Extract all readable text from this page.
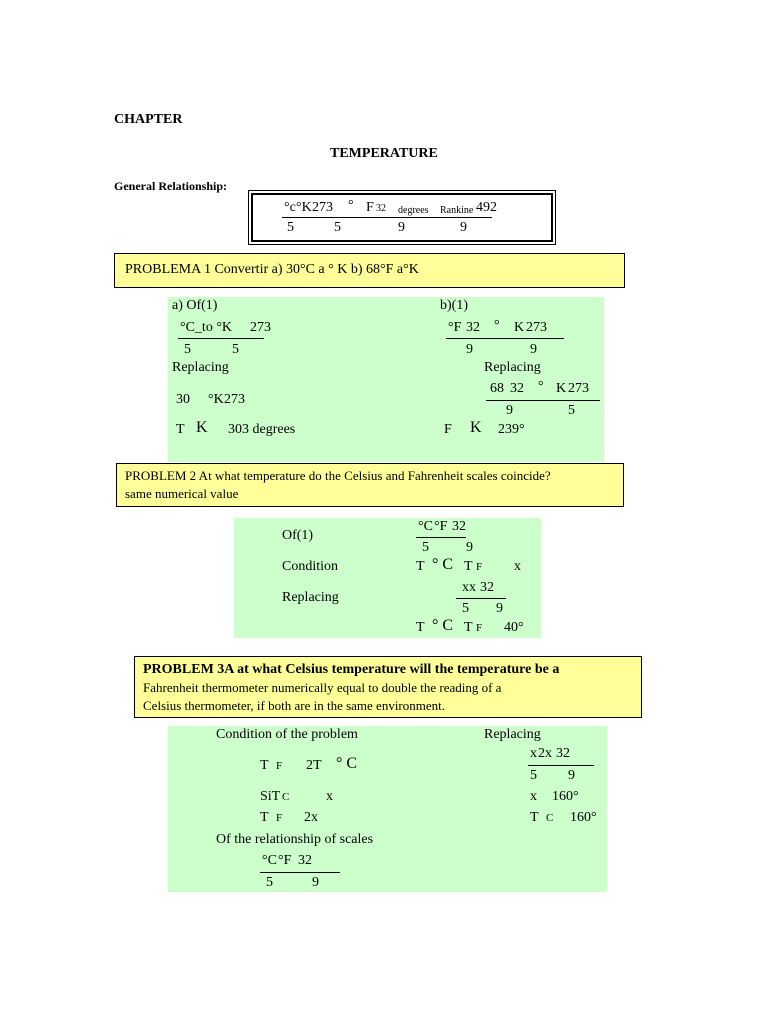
CHAPTER
TEMPERATURE
General Relationship:
°c °K 273 ° F 32 degrees Rankine 492
5	5	9	9
PROBLEMA 1 Convertir a) 30°C a ° K b) 68°F a°K
a) Of(1)
°C_to °K 273
5	5
Replacing
30 °K 273
T K 303 degrees
b)(1)
°F 32 ° K 273
9	9
Replacing
68 32 ° K 273
9	5
F K 239°
PROBLEM 2 At what temperature do the Celsius and Fahrenheit scales coincide?
same numerical value
Of(1)
Condition
Replacing
°C °F 32
5	9
T ° C T F x
xx 32
5 9
T ° C T F 40°
PROBLEM 3A at what Celsius temperature will the temperature be a
Fahrenheit thermometer numerically equal to double the reading of a
Celsius thermometer, if both are in the same environment.
Condition of the problem	Replacing
T F 2T ° C
SiT C	x
T F 2x
Of the relationship of scales
°C °F 32
5	9
x 2x 32
5 9
x 160°
T C 160°
